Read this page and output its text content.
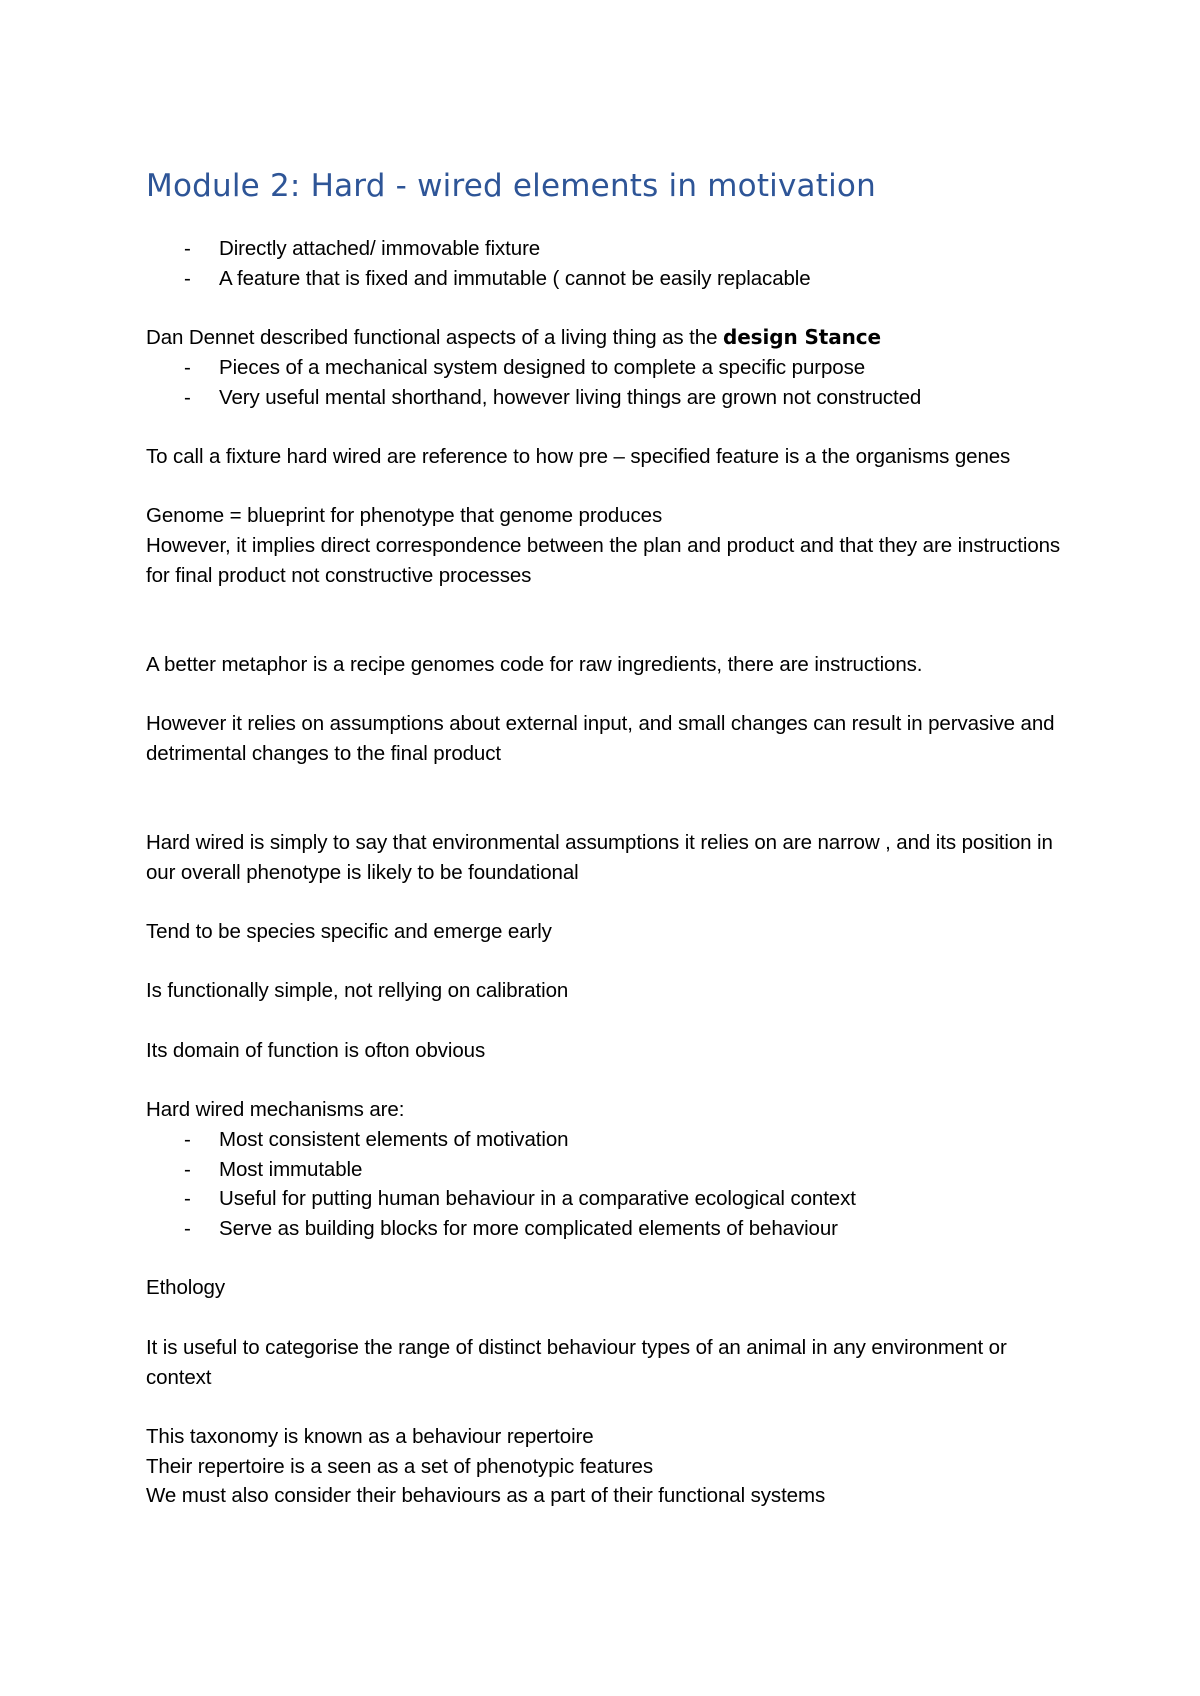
Module 2: Hard - wired elements in motivation
- Directly attached/ immovable fixture
- A feature that is fixed and immutable ( cannot be easily replacable

Dan Dennet described functional aspects of a living thing as the design Stance

- Pieces of a mechanical system designed to complete a specific purpose
- Very useful mental shorthand, however living things are grown not constructed

To call a fixture hard wired are reference to how pre – specified feature is a the organisms genes

Genome = blueprint for phenotype that genome produces

However, it implies direct correspondence between the plan and product and that they are instructions for final product not constructive processes

A better metaphor is a recipe genomes code for raw ingredients, there are instructions.

However it relies on assumptions about external input, and small changes can result in pervasive and detrimental changes to the final product

Hard wired is simply to say that environmental assumptions it relies on are narrow , and its position in our overall phenotype is likely to be foundational

Tend to be species specific and emerge early

Is functionally simple, not rellying on calibration

Its domain of function is ofton obvious

Hard wired mechanisms are:

- Most consistent elements of motivation
- Most immutable
- Useful for putting human behaviour in a comparative ecological context
- Serve as building blocks for more complicated elements of behaviour

Ethology

It is useful to categorise the range of distinct behaviour types of an animal in any environment or context

This taxonomy is known as a behaviour repertoire

Their repertoire is a seen as a set of phenotypic features

We must also consider their behaviours as a part of their functional systems
